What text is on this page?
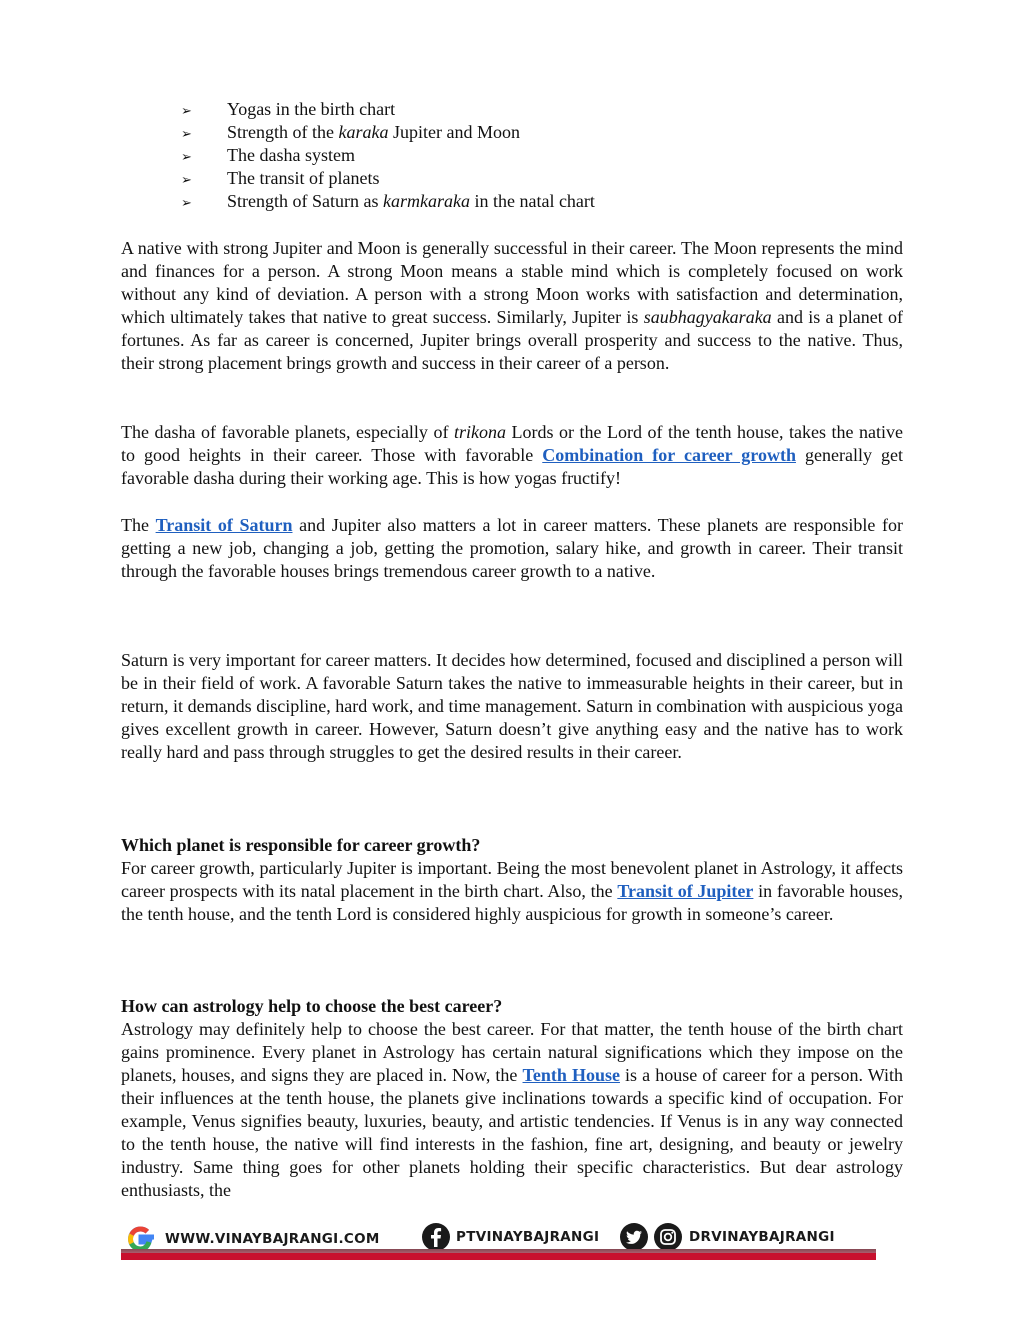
➢ Yogas in the birth chart
➢ Strength of the karaka Jupiter and Moon
➢ The dasha system
➢ The transit of planets
➢ Strength of Saturn as karmkaraka in the natal chart

A native with strong Jupiter and Moon is generally successful in their career. The Moon represents the mind and finances for a person. A strong Moon means a stable mind which is completely focused on work without any kind of deviation. A person with a strong Moon works with satisfaction and determination, which ultimately takes that native to great success. Similarly, Jupiter is saubhagyakaraka and is a planet of fortunes. As far as career is concerned, Jupiter brings overall prosperity and success to the native. Thus, their strong placement brings growth and success in their career of a person.

The dasha of favorable planets, especially of trikona Lords or the Lord of the tenth house, takes the native to good heights in their career. Those with favorable Combination for career growth generally get favorable dasha during their working age. This is how yogas fructify!

The Transit of Saturn and Jupiter also matters a lot in career matters. These planets are responsible for getting a new job, changing a job, getting the promotion, salary hike, and growth in career. Their transit through the favorable houses brings tremendous career growth to a native.

Saturn is very important for career matters. It decides how determined, focused and disciplined a person will be in their field of work. A favorable Saturn takes the native to immeasurable heights in their career, but in return, it demands discipline, hard work, and time management. Saturn in combination with auspicious yoga gives excellent growth in career. However, Saturn doesn’t give anything easy and the native has to work really hard and pass through struggles to get the desired results in their career.

Which planet is responsible for career growth?
For career growth, particularly Jupiter is important. Being the most benevolent planet in Astrology, it affects career prospects with its natal placement in the birth chart. Also, the Transit of Jupiter in favorable houses, the tenth house, and the tenth Lord is considered highly auspicious for growth in someone’s career.

How can astrology help to choose the best career?
Astrology may definitely help to choose the best career. For that matter, the tenth house of the birth chart gains prominence. Every planet in Astrology has certain natural significations which they impose on the planets, houses, and signs they are placed in. Now, the Tenth House is a house of career for a person. With their influences at the tenth house, the planets give inclinations towards a specific kind of occupation. For example, Venus signifies beauty, luxuries, beauty, and artistic tendencies. If Venus is in any way connected to the tenth house, the native will find interests in the fashion, fine art, designing, and beauty or jewelry industry. Same thing goes for other planets holding their specific characteristics. But dear astrology enthusiasts, the

WWW.VINAYBAJRANGI.COM	PTVINAYBAJRANGI	DRVINAYBAJRANGI
